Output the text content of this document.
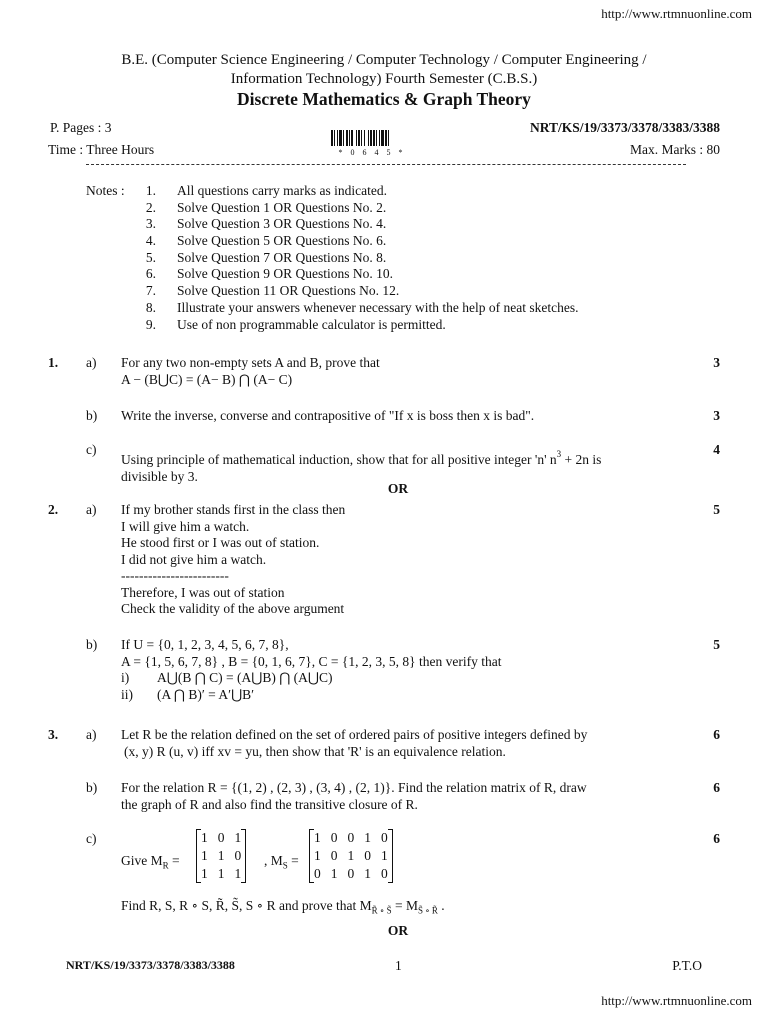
http://www.rtmnuonline.com
B.E. (Computer Science Engineering / Computer Technology / Computer Engineering /
Information Technology) Fourth Semester (C.B.S.)
Discrete Mathematics & Graph Theory
P. Pages : 3	NRT/KS/19/3373/3378/3383/3388
Time : Three Hours	Max. Marks : 80
* 0 6 4 5 *
Notes : 1. All questions carry marks as indicated.
2. Solve Question 1 OR Questions No. 2.
3. Solve Question 3 OR Questions No. 4.
4. Solve Question 5 OR Questions No. 6.
5. Solve Question 7 OR Questions No. 8.
6. Solve Question 9 OR Questions No. 10.
7. Solve Question 11 OR Questions No. 12.
8. Illustrate your answers whenever necessary with the help of neat sketches.
9. Use of non programmable calculator is permitted.
1. a) For any two non-empty sets A and B, prove that
A − (B⋃C) = (A− B) ⋂ (A− C)
3
b) Write the inverse, converse and contrapositive of "If x is boss then x is bad".	3
c)
Using principle of mathematical induction, show that for all positive integer 'n' $n^3 + 2n$ is
divisible by 3.
4
OR
2. a) If my brother stands first in the class then
I will give him a watch.
He stood first or I was out of station.
I did not give him a watch.
------------------------
Therefore, I was out of station
Check the validity of the above argument
5
b) If U = {0, 1, 2, 3, 4, 5, 6, 7, 8},
A = {1, 5, 6, 7, 8} , B = {0, 1, 6, 7}, C = {1, 2, 3, 5, 8} then verify that
i) A⋃(B ⋂ C) = (A⋃B) ⋂ (A⋃C)
ii) (A ⋂ B)′ = A′⋃B′
5
3. a) Let R be the relation defined on the set of ordered pairs of positive integers defined by
(x, y) R (u, v) iff xv = yu, then show that 'R' is an equivalence relation.
6
b) For the relation R = {(1, 2) , (2, 3) , (3, 4) , (2, 1)}. Find the relation matrix of R, draw
the graph of R and also find the transitive closure of R.
6
c)	6
Give $M_R$ =
1	0	1
1	1	0
1	1	1
, $M_S$ =
1	0	0	1	0
1	0	1	0	1
0	1	0	1	0
Find R, S, R ∘ S, R̃, S̃, S ∘ R and prove that $M_{R̃ \circ S̃} = M_{S̃ \circ R̃}$ .
OR
NRT/KS/19/3373/3378/3383/3388	1	P.T.O
http://www.rtmnuonline.com
